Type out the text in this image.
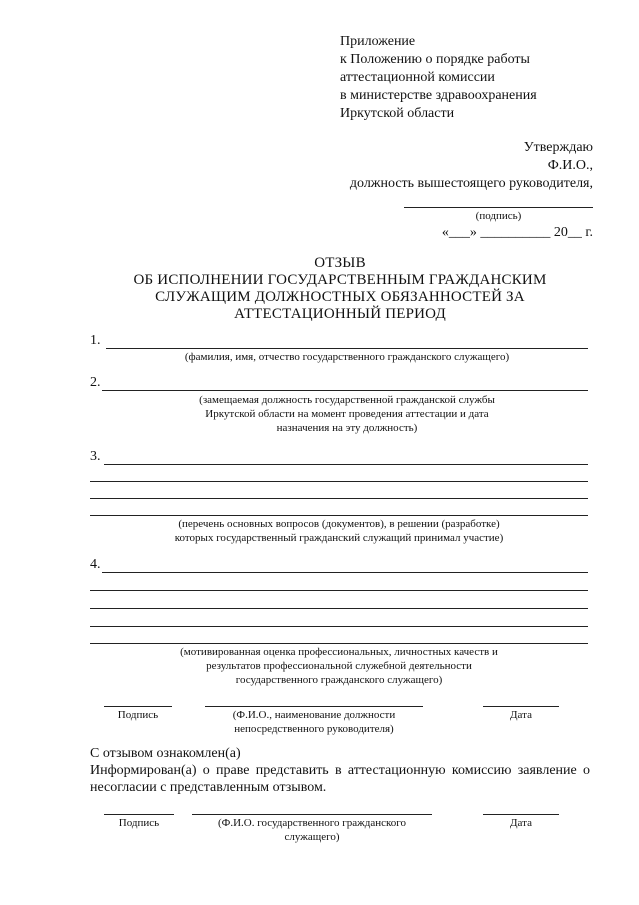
Приложение
к Положению о порядке работы
аттестационной комиссии
в министерстве здравоохранения
Иркутской области
Утверждаю
Ф.И.О.,
должность вышестоящего руководителя,
(подпись)
«___» __________ 20__ г.
ОТЗЫВ
ОБ ИСПОЛНЕНИИ ГОСУДАРСТВЕННЫМ ГРАЖДАНСКИМ
СЛУЖАЩИМ ДОЛЖНОСТНЫХ ОБЯЗАННОСТЕЙ ЗА
АТТЕСТАЦИОННЫЙ ПЕРИОД
1.
(фамилия, имя, отчество государственного гражданского служащего)
2.
(замещаемая должность государственной гражданской службы
Иркутской области на момент проведения аттестации и дата
назначения на эту должность)
3.
(перечень основных вопросов (документов), в решении (разработке)
которых государственный гражданский служащий принимал участие)
4.
(мотивированная оценка профессиональных, личностных качеств и
результатов профессиональной служебной деятельности
государственного гражданского служащего)
Подпись	(Ф.И.О., наименование должности
непосредственного руководителя)
Дата
С отзывом ознакомлен(а)
Информирован(а) о праве представить в аттестационную комиссию заявление о
несогласии с представленным отзывом.
Подпись	(Ф.И.О. государственного гражданского
служащего)
Дата
